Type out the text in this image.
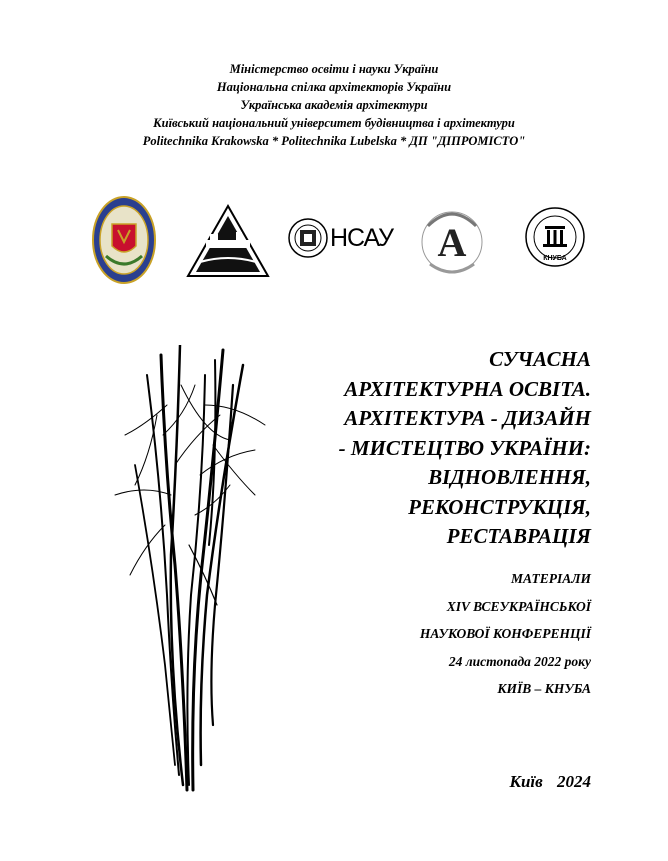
Міністерство освіти і науки України
Національна спілка архітекторів України
Українська академія архітектури
Київський національний університет будівництва і архітектури
Politechnika Krakowska * Politechnika Lubelska * ДП "ДІПРОМІСТО"
НСАУ А	КНУБА
СУЧАСНА
АРХІТЕКТУРНА ОСВІТА.
АРХІТЕКТУРА - ДИЗАЙН
- МИСТЕЦТВО УКРАЇНИ:
ВІДНОВЛЕННЯ,
РЕКОНСТРУКЦІЯ,
РЕСТАВРАЦІЯ
МАТЕРІАЛИ
XIV ВСЕУКРАЇНСЬКОЇ
НАУКОВОЇ КОНФЕРЕНЦІЇ
24 листопада 2022 року
КИЇВ – КНУБА
Київ 2024
